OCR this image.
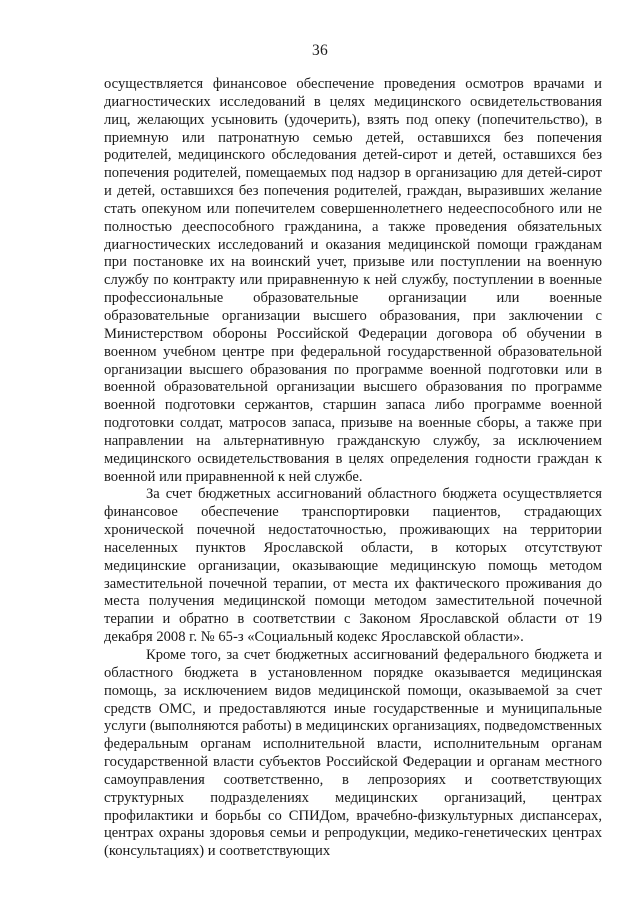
36

осуществляется финансовое обеспечение проведения осмотров врачами и диагностических исследований в целях медицинского освидетельствования лиц, желающих усыновить (удочерить), взять под опеку (попечительство), в приемную или патронатную семью детей, оставшихся без попечения родителей, медицинского обследования детей-сирот и детей, оставшихся без попечения родителей, помещаемых под надзор в организацию для детей-сирот и детей, оставшихся без попечения родителей, граждан, выразивших желание стать опекуном или попечителем совершеннолетнего недееспособного или не полностью дееспособного гражданина, а также проведения обязательных диагностических исследований и оказания медицинской помощи гражданам при постановке их на воинский учет, призыве или поступлении на военную службу по контракту или приравненную к ней службу, поступлении в военные профессиональные образовательные организации или военные образовательные организации высшего образования, при заключении с Министерством обороны Российской Федерации договора об обучении в военном учебном центре при федеральной государственной образовательной организации высшего образования по программе военной подготовки или в военной образовательной организации высшего образования по программе военной подготовки сержантов, старшин запаса либо программе военной подготовки солдат, матросов запаса, призыве на военные сборы, а также при направлении на альтернативную гражданскую службу, за исключением медицинского освидетельствования в целях определения годности граждан к военной или приравненной к ней службе.

За счет бюджетных ассигнований областного бюджета осуществляется финансовое обеспечение транспортировки пациентов, страдающих хронической почечной недостаточностью, проживающих на территории населенных пунктов Ярославской области, в которых отсутствуют медицинские организации, оказывающие медицинскую помощь методом заместительной почечной терапии, от места их фактического проживания до места получения медицинской помощи методом заместительной почечной терапии и обратно в соответствии с Законом Ярославской области от 19 декабря 2008 г. № 65-з «Социальный кодекс Ярославской области».

Кроме того, за счет бюджетных ассигнований федерального бюджета и областного бюджета в установленном порядке оказывается медицинская помощь, за исключением видов медицинской помощи, оказываемой за счет средств ОМС, и предоставляются иные государственные и муниципальные услуги (выполняются работы) в медицинских организациях, подведомственных федеральным органам исполнительной власти, исполнительным органам государственной власти субъектов Российской Федерации и органам местного самоуправления соответственно, в лепрозориях и соответствующих структурных подразделениях медицинских организаций, центрах профилактики и борьбы со СПИДом, врачебно-физкультурных диспансерах, центрах охраны здоровья семьи и репродукции, медико-генетических центрах (консультациях) и соответствующих
